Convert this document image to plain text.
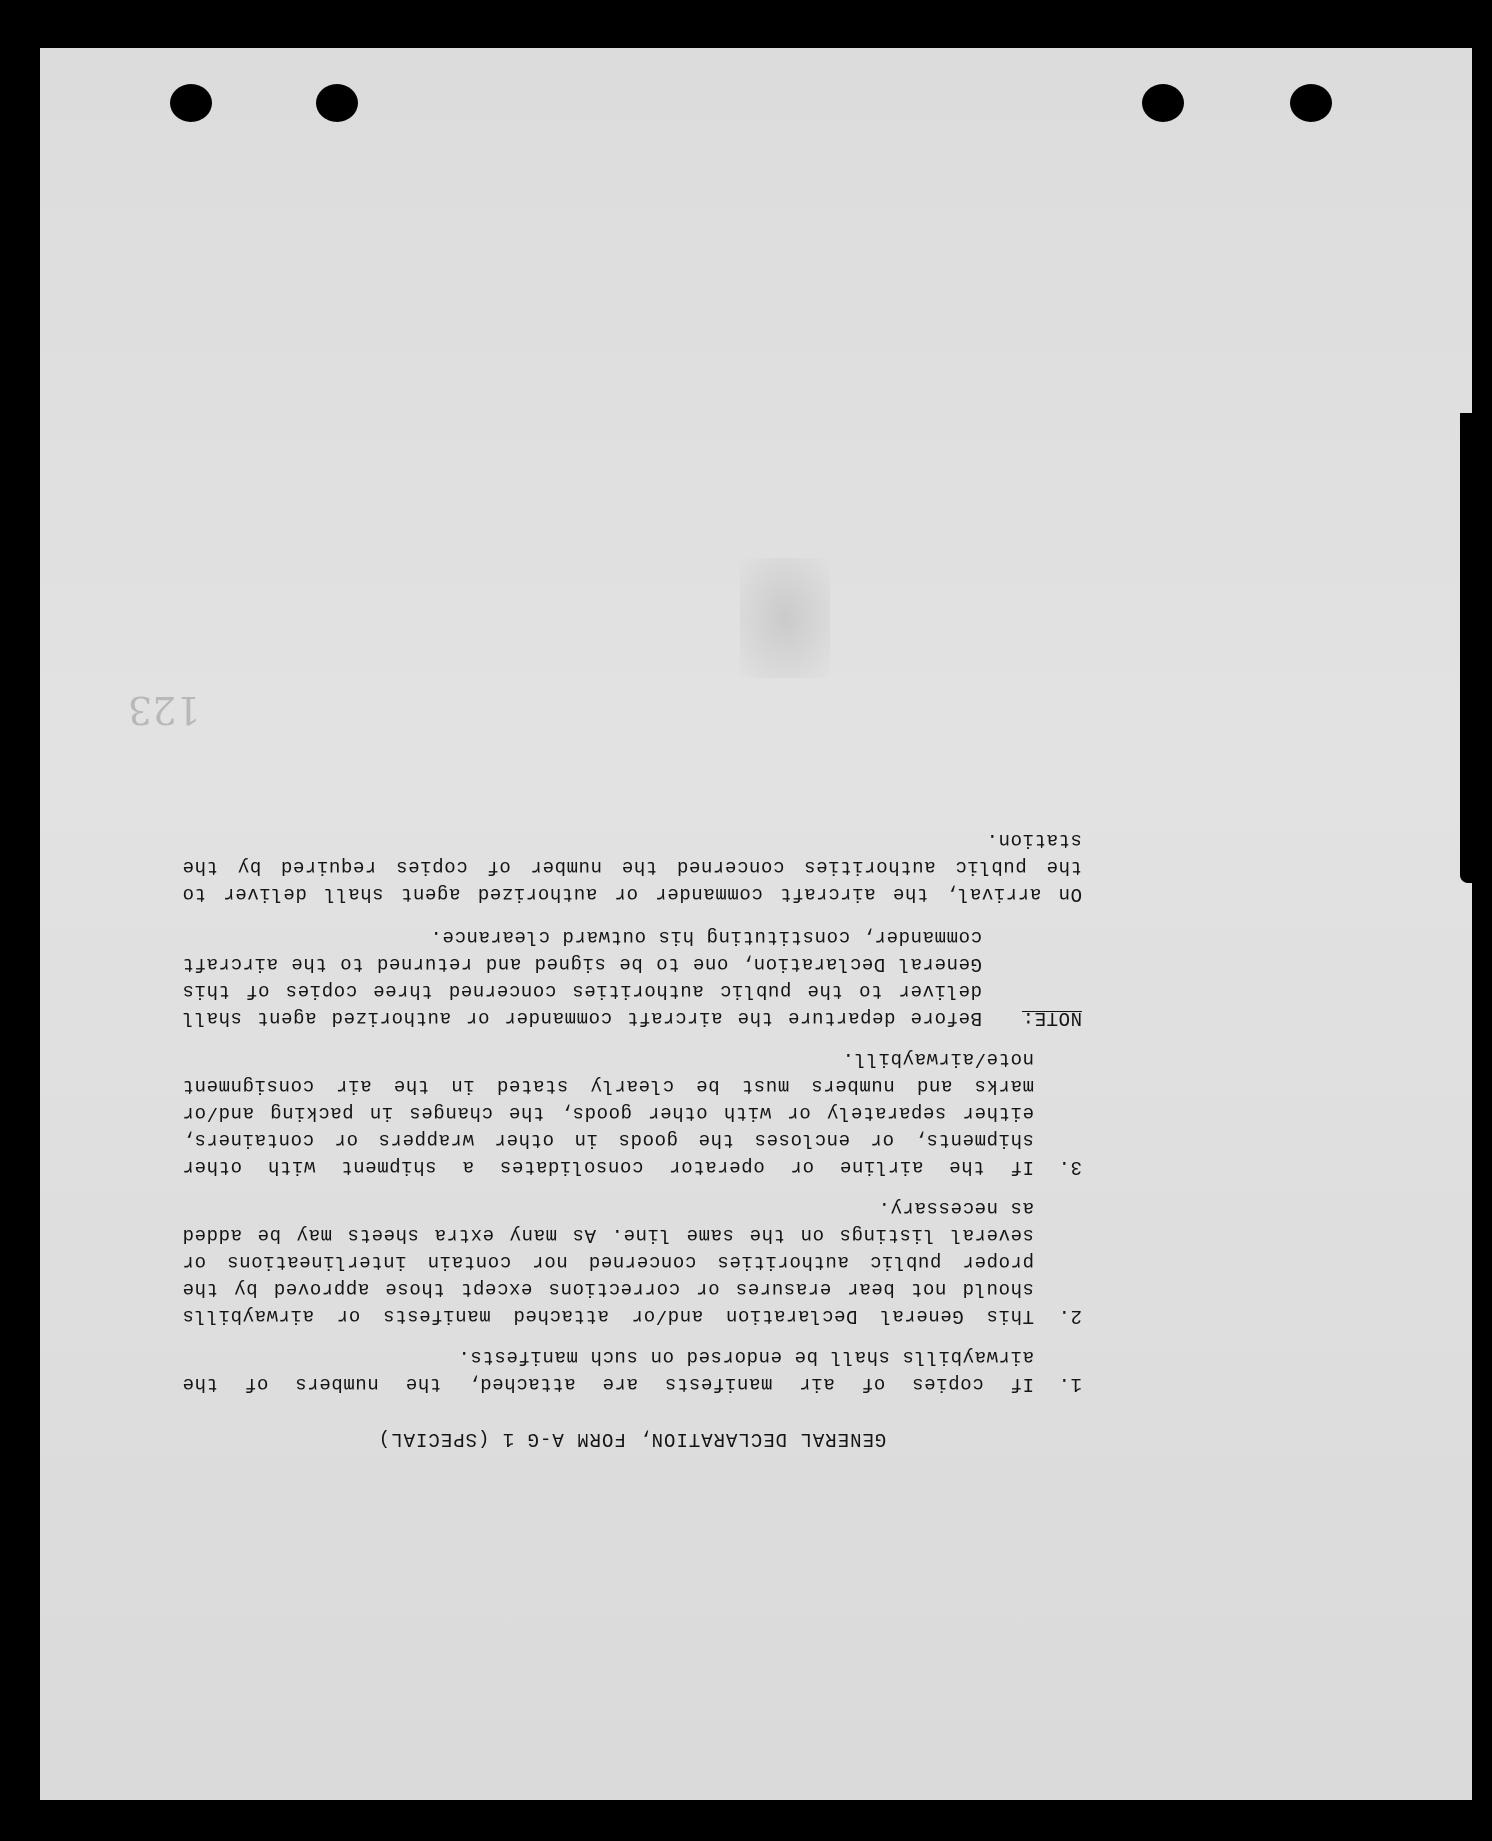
123
GENERAL DECLARATION, FORM A-G 1 (SPECIAL)
1.
If copies of air manifests are attached, the numbers of the airwaybills shall be endorsed on such manifests.
2.
This General Declaration and/or attached manifests or airwaybills should not bear erasures or corrections except those approved by the proper public authorities concerned nor contain interlineations or several listings on the same line. As many extra sheets may be added as necessary.
3.
If the airline or operator consolidates a shipment with other shipments, or encloses the goods in other wrappers or containers, either separately or with other goods, the changes in packing and/or marks and numbers must be clearly stated in the air consignment note/airwaybill.
NOTE:
Before departure the aircraft commander or authorized agent shall deliver to the public authorities concerned three copies of this General Declaration, one to be signed and returned to the aircraft commander, constituting his outward clearance.
On arrival, the aircraft commander or authorized agent shall deliver to the public authorities concerned the number of copies required by the station.
